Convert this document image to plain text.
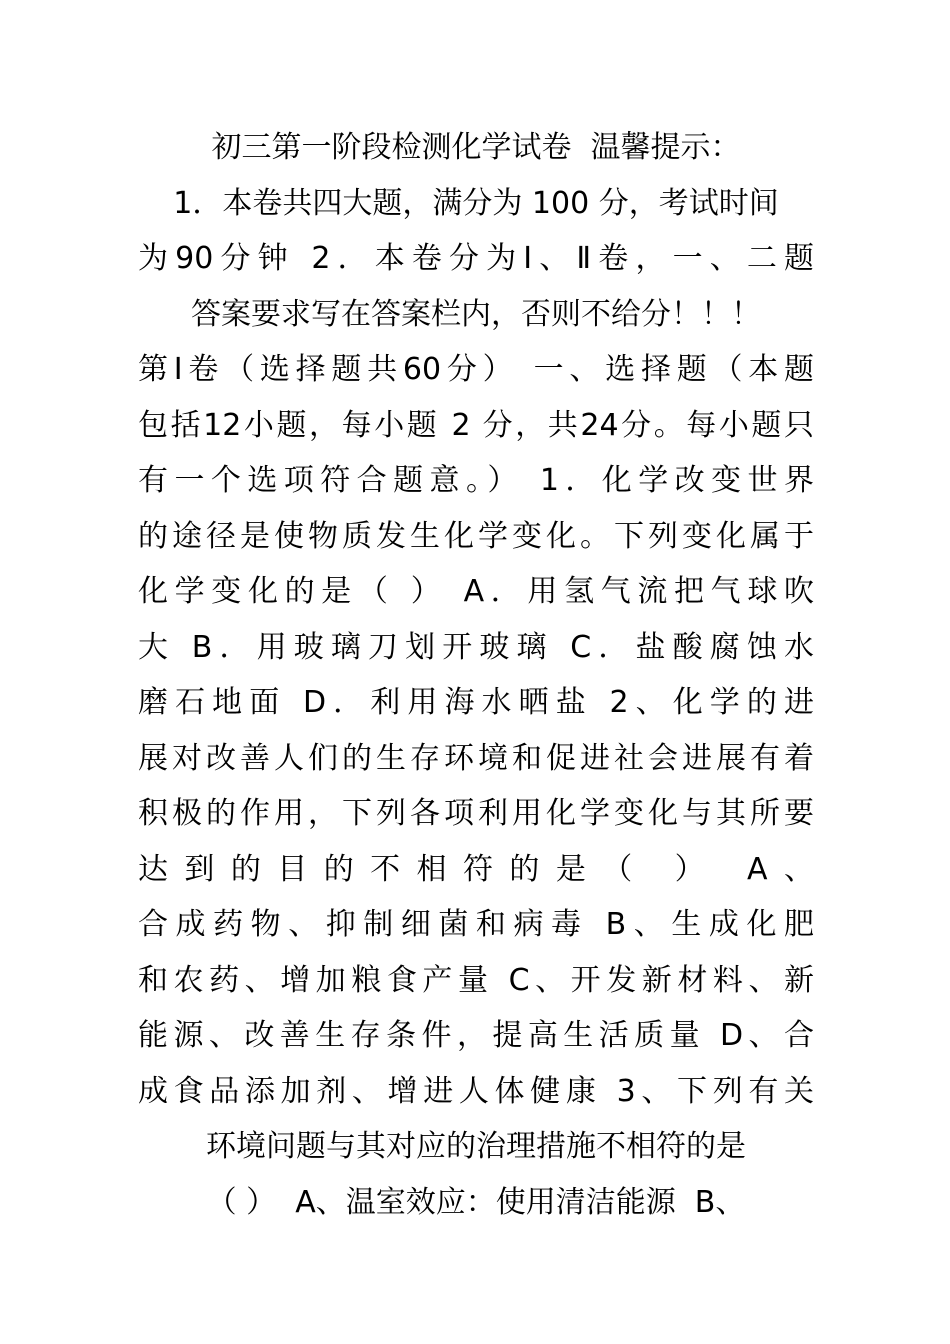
初三第一阶段检测化学试卷  温馨提示：
1．本卷共四大题，满分为 100 分，考试时间
为90分钟 2．本卷分为Ⅰ、Ⅱ卷，一、二题
答案要求写在答案栏内，否则不给分！！！
第Ⅰ卷（选择题共60分） 一、选择题（本题
包括12小题，每小题 2 分，共24分。每小题只
有一个选项符合题意。） 1．化学改变世界
的途径是使物质发生化学变化。下列变化属于
化学变化的是（ ） A．用氢气流把气球吹
大 B．用玻璃刀划开玻璃 C．盐酸腐蚀水
磨石地面 D．利用海水晒盐 2、化学的进
展对改善人们的生存环境和促进社会进展有着
积极的作用，下列各项利用化学变化与其所要
达到的目的不相符的是（ ） A、
合成药物、抑制细菌和病毒 B、生成化肥
和农药、增加粮食产量 C、开发新材料、新
能源、改善生存条件，提高生活质量 D、合
成食品添加剂、增进人体健康 3、下列有关
环境问题与其对应的治理措施不相符的是
（ ）  A、温室效应：使用清洁能源  B、
